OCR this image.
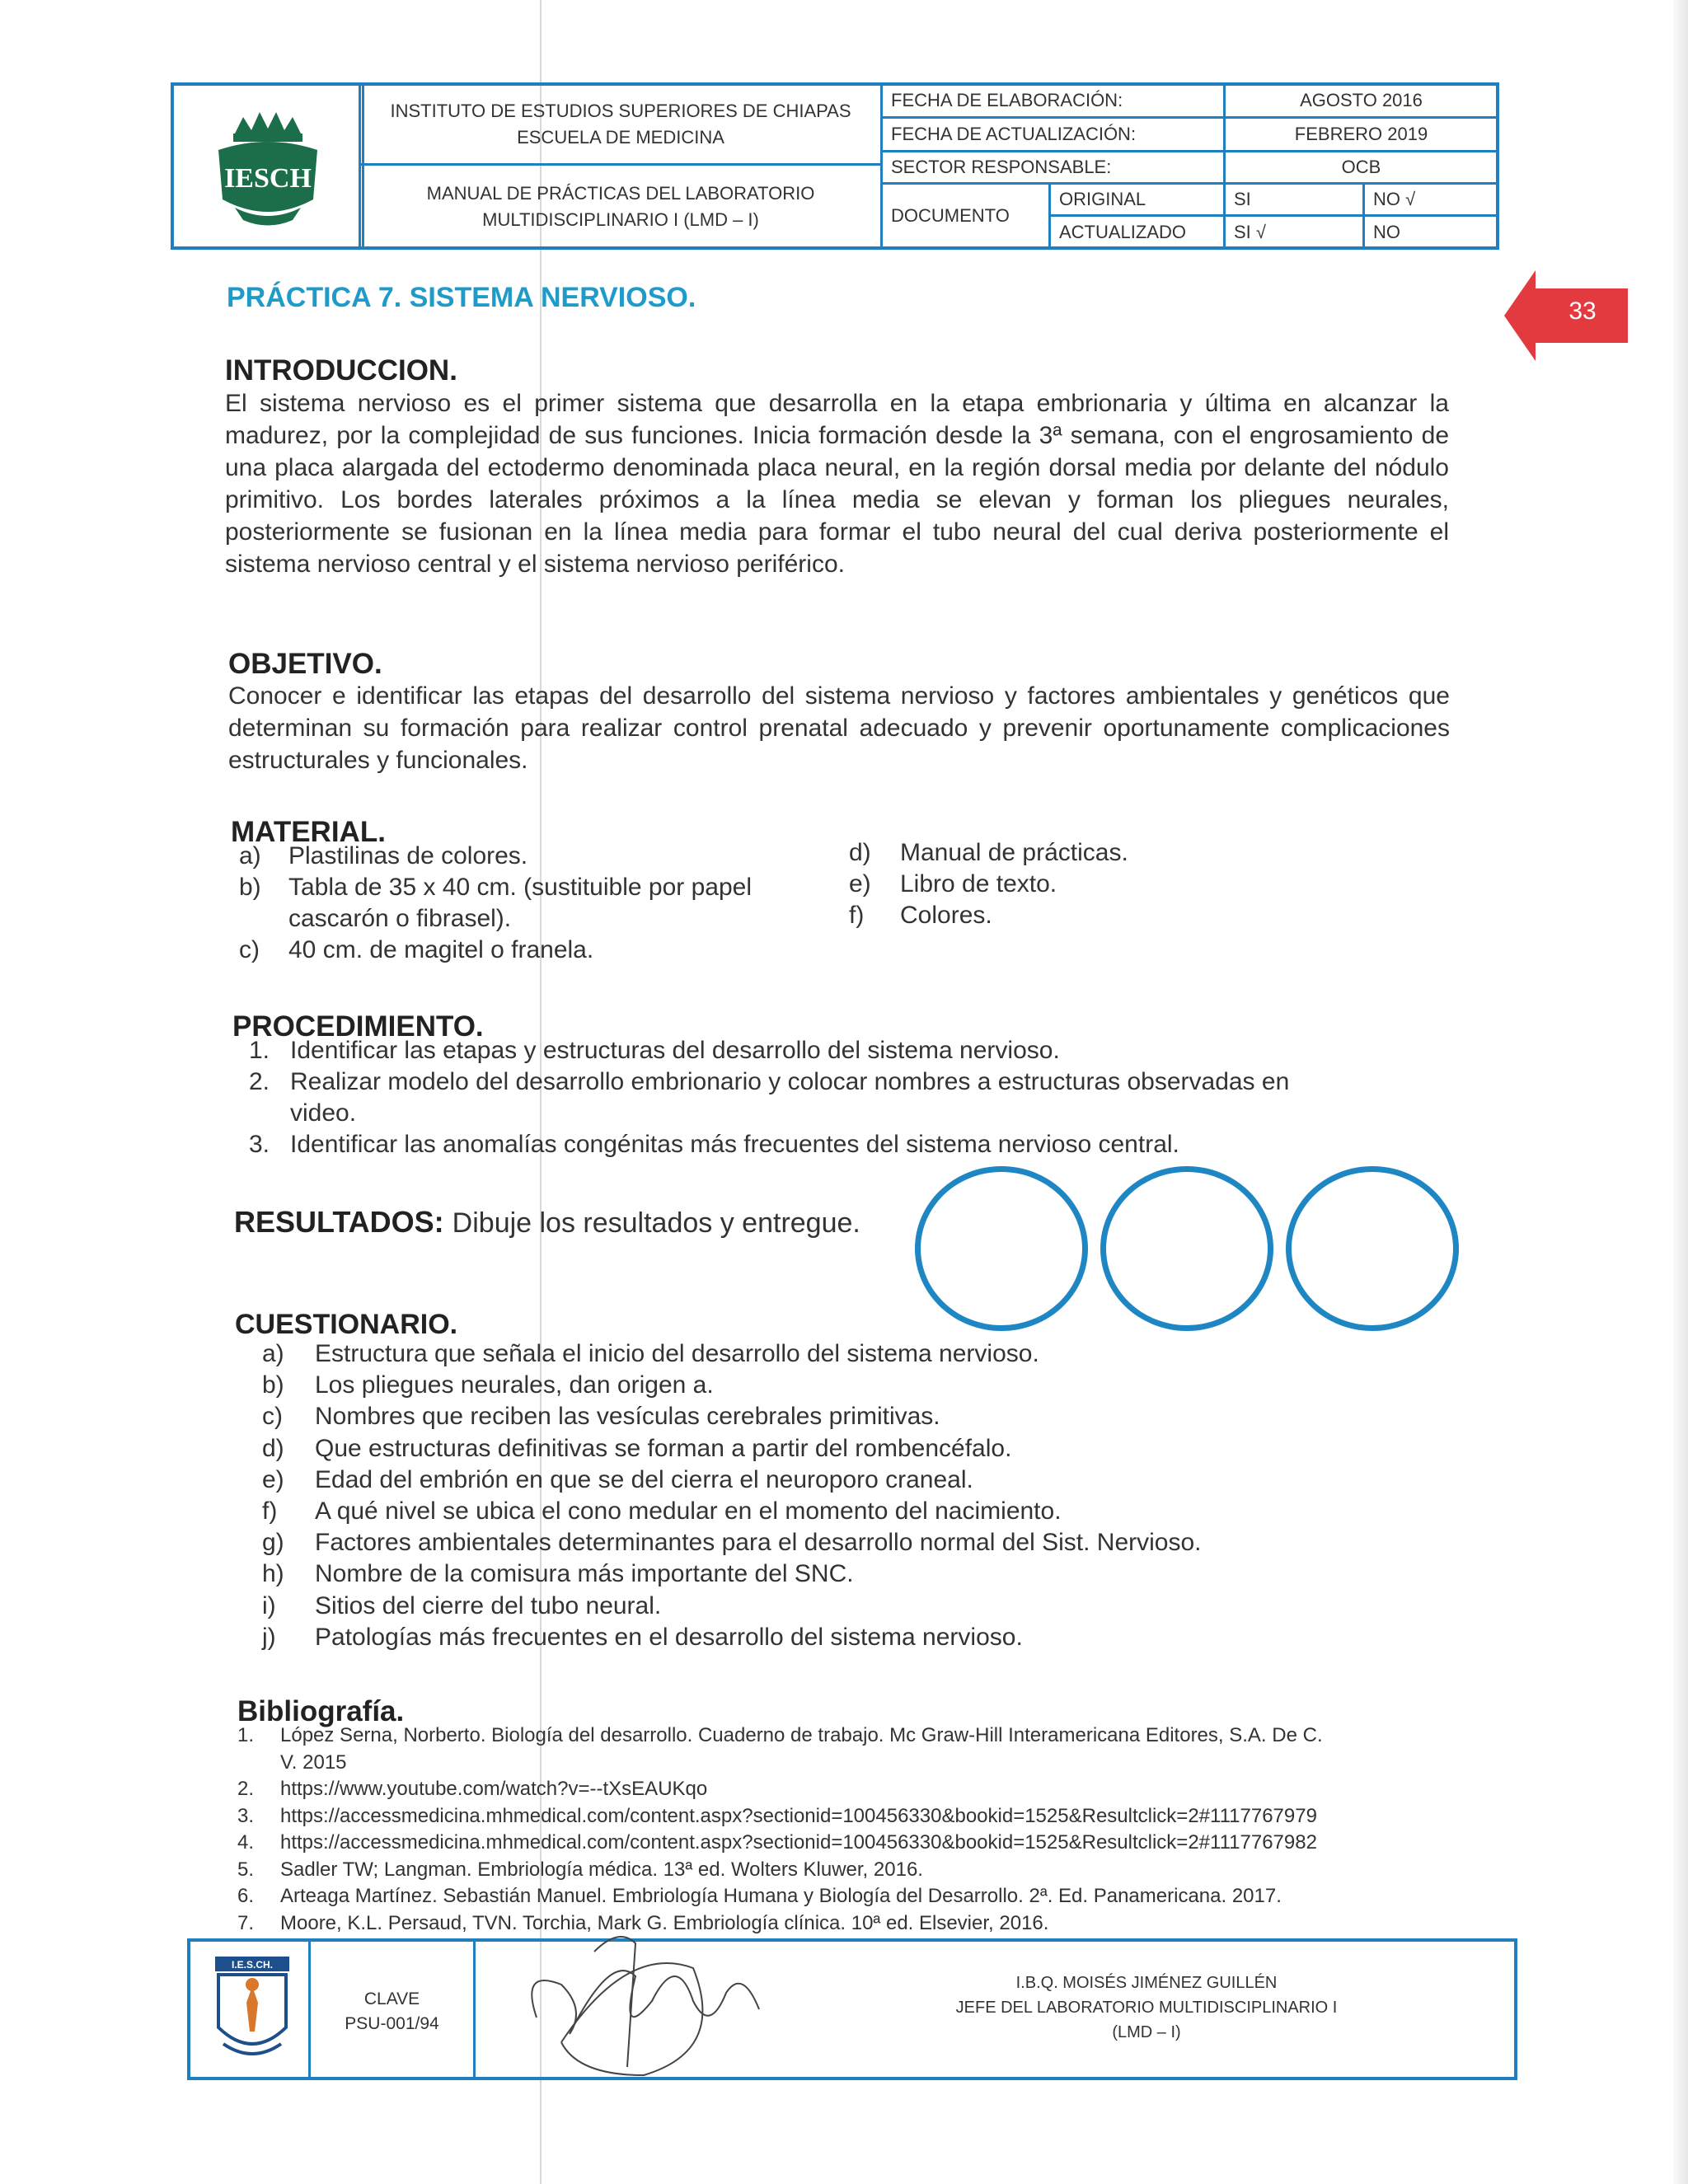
IESCH
INSTITUTO DE ESTUDIOS SUPERIORES DE CHIAPAS
ESCUELA DE MEDICINA
MANUAL DE PRÁCTICAS DEL LABORATORIO
MULTIDISCIPLINARIO I (LMD – I)
FECHA DE ELABORACIÓN:	AGOSTO 2016
FECHA DE ACTUALIZACIÓN:	FEBRERO 2019
SECTOR RESPONSABLE:	OCB
DOCUMENTO
ORIGINAL	SI	NO √
ACTUALIZADO	SI √	NO
33
PRÁCTICA 7. SISTEMA NERVIOSO.
INTRODUCCION.
El sistema nervioso es el primer sistema que desarrolla en la etapa embrionaria y última en alcanzar la madurez, por la complejidad de sus funciones. Inicia formación desde la 3ª semana, con el engrosamiento de una placa alargada del ectodermo denominada placa neural, en la región dorsal media por delante del nódulo primitivo. Los bordes laterales próximos a la línea media se elevan y forman los pliegues neurales, posteriormente se fusionan en la línea media para formar el tubo neural del cual deriva posteriormente el sistema nervioso central y el sistema nervioso periférico.
OBJETIVO.
Conocer e identificar las etapas del desarrollo del sistema nervioso y factores ambientales y genéticos que determinan su formación para realizar control prenatal adecuado y prevenir oportunamente complicaciones estructurales y funcionales.
MATERIAL.
a) Plastilinas de colores.
b) Tabla de 35 x 40 cm. (sustituible por papel
cascarón o fibrasel).
c) 40 cm. de magitel o franela.
d) Manual de prácticas.
e) Libro de texto.
f) Colores.
PROCEDIMIENTO.
1. Identificar las etapas y estructuras del desarrollo del sistema nervioso.
2. Realizar modelo del desarrollo embrionario y colocar nombres a estructuras observadas en
video.
3. Identificar las anomalías congénitas más frecuentes del sistema nervioso central.
RESULTADOS: Dibuje los resultados y entregue.
CUESTIONARIO.
a) Estructura que señala el inicio del desarrollo del sistema nervioso.
b) Los pliegues neurales, dan origen a.
c) Nombres que reciben las vesículas cerebrales primitivas.
d) Que estructuras definitivas se forman a partir del rombencéfalo.
e) Edad del embrión en que se del cierra el neuroporo craneal.
f) A qué nivel se ubica el cono medular en el momento del nacimiento.
g) Factores ambientales determinantes para el desarrollo normal del Sist. Nervioso.
h) Nombre de la comisura más importante del SNC.
i) Sitios del cierre del tubo neural.
j) Patologías más frecuentes en el desarrollo del sistema nervioso.
Bibliografía.
1. López Serna, Norberto. Biología del desarrollo. Cuaderno de trabajo. Mc Graw-Hill Interamericana Editores, S.A. De C.
V. 2015
2. https://www.youtube.com/watch?v=--tXsEAUKqo
3. https://accessmedicina.mhmedical.com/content.aspx?sectionid=100456330&bookid=1525&Resultclick=2#1117767979
4. https://accessmedicina.mhmedical.com/content.aspx?sectionid=100456330&bookid=1525&Resultclick=2#1117767982
5. Sadler TW; Langman. Embriología médica. 13ª ed. Wolters Kluwer, 2016.
6. Arteaga Martínez. Sebastián Manuel. Embriología Humana y Biología del Desarrollo. 2ª. Ed. Panamericana. 2017.
7. Moore, K.L. Persaud, TVN. Torchia, Mark G. Embriología clínica. 10ª ed. Elsevier, 2016.
I.E.S.CH.
CLAVE
PSU-001/94
I.B.Q. MOISÉS JIMÉNEZ GUILLÉN
JEFE DEL LABORATORIO MULTIDISCIPLINARIO I
(LMD – I)
